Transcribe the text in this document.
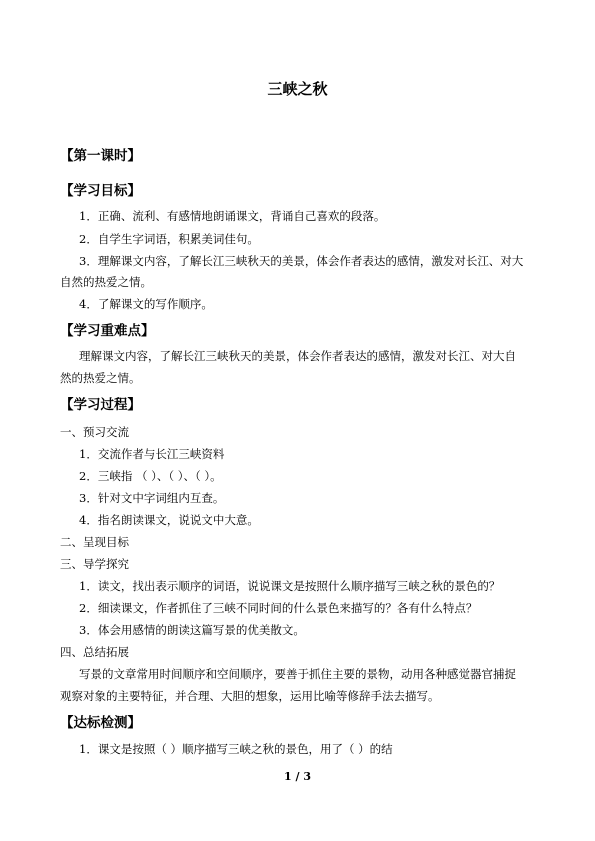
三峡之秋
【第一课时】
【学习目标】
1．正确、流利、有感情地朗诵课文，背诵自己喜欢的段落。
2．自学生字词语，积累美词佳句。
3．理解课文内容，了解长江三峡秋天的美景，体会作者表达的感情，激发对长江、对大
自然的热爱之情。
4．了解课文的写作顺序。
【学习重难点】
理解课文内容，了解长江三峡秋天的美景，体会作者表达的感情，激发对长江、对大自
然的热爱之情。
【学习过程】
一、预习交流
1．交流作者与长江三峡资料
2．三峡指 （ ）、（ ）、（ ）。
3．针对文中字词组内互查。
4．指名朗读课文，说说文中大意。
二、呈现目标
三、导学探究
1．读文，找出表示顺序的词语，说说课文是按照什么顺序描写三峡之秋的景色的？
2．细读课文，作者抓住了三峡不同时间的什么景色来描写的？各有什么特点？
3．体会用感情的朗读这篇写景的优美散文。
四、总结拓展
写景的文章常用时间顺序和空间顺序，要善于抓住主要的景物，动用各种感觉器官捕捉
观察对象的主要特征，并合理、大胆的想象，运用比喻等修辞手法去描写。
【达标检测】
1．课文是按照（ ）顺序描写三峡之秋的景色，用了（ ）的结
1 / 3
